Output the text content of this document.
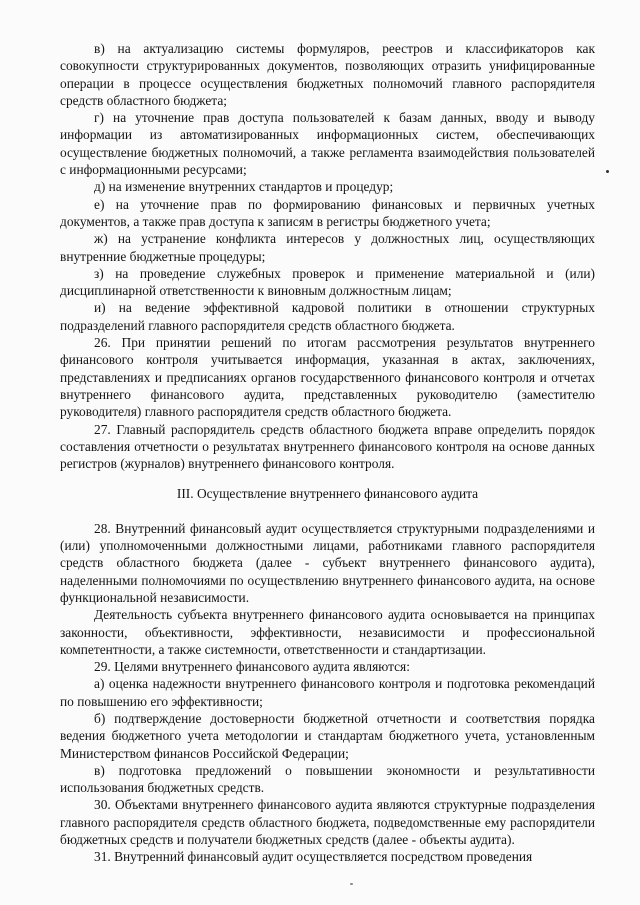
в) на актуализацию системы формуляров, реестров и классификаторов как совокупности структурированных документов, позволяющих отразить унифицированные операции в процессе осуществления бюджетных полномочий главного распорядителя средств областного бюджета;

г) на уточнение прав доступа пользователей к базам данных, вводу и выводу информации из автоматизированных информационных систем, обеспечивающих осуществление бюджетных полномочий, а также регламента взаимодействия пользователей с информационными ресурсами;

д) на изменение внутренних стандартов и процедур;

е) на уточнение прав по формированию финансовых и первичных учетных документов, а также прав доступа к записям в регистры бюджетного учета;

ж) на устранение конфликта интересов у должностных лиц, осуществляющих внутренние бюджетные процедуры;

з) на проведение служебных проверок и применение материальной и (или) дисциплинарной ответственности к виновным должностным лицам;

и) на ведение эффективной кадровой политики в отношении структурных подразделений главного распорядителя средств областного бюджета.

26. При принятии решений по итогам рассмотрения результатов внутреннего финансового контроля учитывается информация, указанная в актах, заключениях, представлениях и предписаниях органов государственного финансового контроля и отчетах внутреннего финансового аудита, представленных руководителю (заместителю руководителя) главного распорядителя средств областного бюджета.

27. Главный распорядитель средств областного бюджета вправе определить порядок составления отчетности о результатах внутреннего финансового контроля на основе данных регистров (журналов) внутреннего финансового контроля.

III. Осуществление внутреннего финансового аудита

28. Внутренний финансовый аудит осуществляется структурными подразделениями и (или) уполномоченными должностными лицами, работниками главного распорядителя средств областного бюджета (далее - субъект внутреннего финансового аудита), наделенными полномочиями по осуществлению внутреннего финансового аудита, на основе функциональной независимости.

Деятельность субъекта внутреннего финансового аудита основывается на принципах законности, объективности, эффективности, независимости и профессиональной компетентности, а также системности, ответственности и стандартизации.

29. Целями внутреннего финансового аудита являются:

а) оценка надежности внутреннего финансового контроля и подготовка рекомендаций по повышению его эффективности;

б) подтверждение достоверности бюджетной отчетности и соответствия порядка ведения бюджетного учета методологии и стандартам бюджетного учета, установленным Министерством финансов Российской Федерации;

в) подготовка предложений о повышении экономности и результативности использования бюджетных средств.

30. Объектами внутреннего финансового аудита являются структурные подразделения главного распорядителя средств областного бюджета, подведомственные ему распорядители бюджетных средств и получатели бюджетных средств (далее - объекты аудита).

31. Внутренний финансовый аудит осуществляется посредством проведения
